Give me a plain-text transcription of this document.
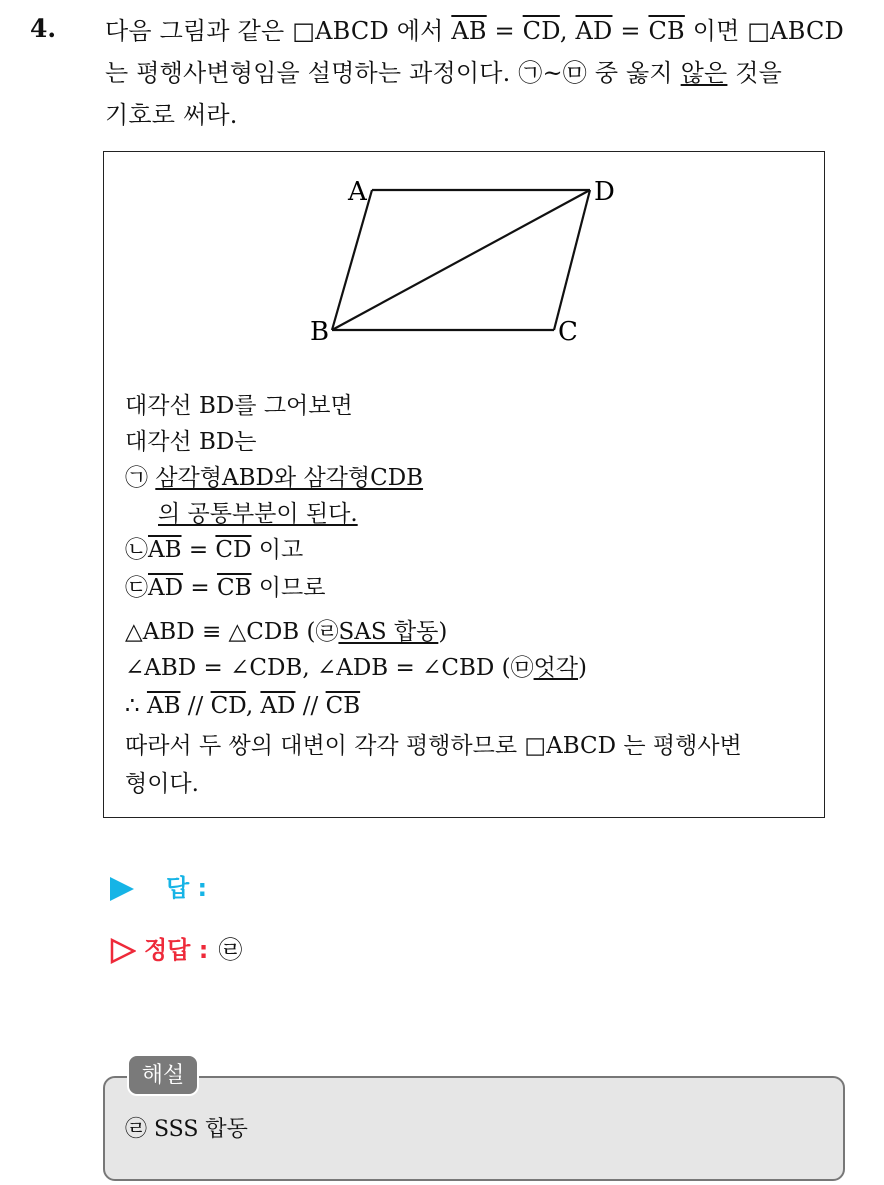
4. 다음 그림과 같은 □ABCD 에서 $\overline{AB} = \overline{CD}$, $\overline{AD} = \overline{CB}$ 이면 □ABCD
는 평행사변형임을 설명하는 과정이다. ㉠~㉤ 중 옳지 않은 것을
기호로 써라.
A	D
B	C
대각선 BD를 그어보면
대각선 BD는
㉠ 삼각형ABD와 삼각형CDB
의 공통부분이 된다.
$㉡\overline{AB} = \overline{CD}$ 이고
$㉢\overline{AD} = \overline{CB}$ 이므로
△ABD ≡ △CDB (㉣SAS 합동)
∠ABD = ∠CDB, ∠ADB = ∠CBD (㉤엇각)
∴ $\overline{AB} // \overline{CD}$, $\overline{AD} // \overline{CB}$
따라서 두 쌍의 대변이 각각 평행하므로 □ABCD 는 평행사변
형이다.
답 :
정답 : ㉣
해설
㉣ SSS 합동
